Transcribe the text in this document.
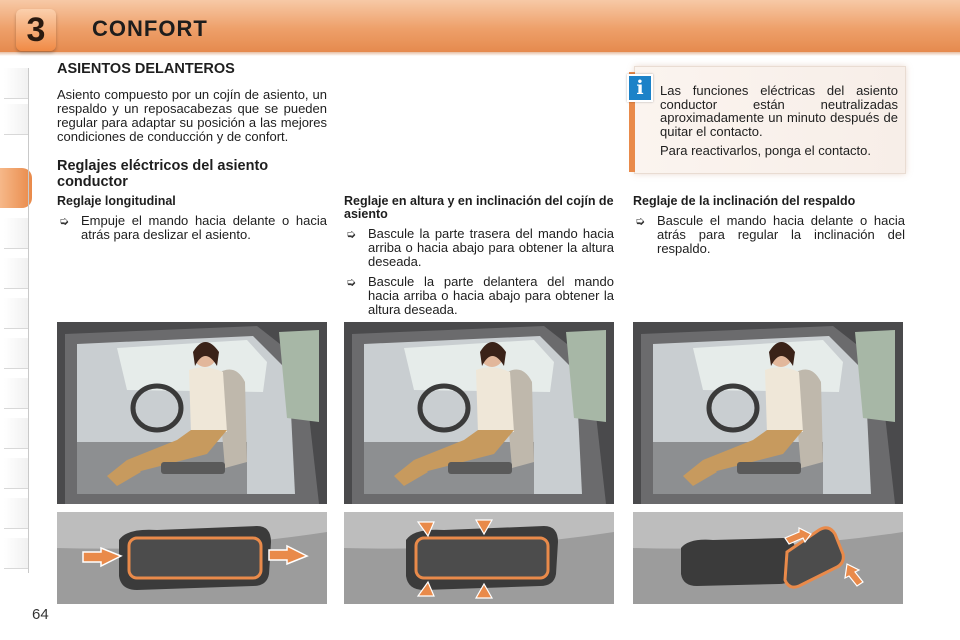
3	CONFORT
ASIENTOS DELANTEROS

Asiento compuesto por un cojín de asiento, un respaldo y un reposacabezas que se pueden regular para adaptar su posición a las mejores condiciones de conducción y de confort.

Reglajes eléctricos del asiento conductor
Reglaje longitudinal
➭ Empuje el mando hacia delante o hacia atrás para deslizar el asiento.
Reglaje en altura y en inclinación del cojín de asiento
➭ Bascule la parte trasera del mando hacia arriba o hacia abajo para obtener la altura deseada.
➭ Bascule la parte delantera del mando hacia arriba o hacia abajo para obtener la altura deseada.
Reglaje de la inclinación del respaldo
➭ Bascule el mando hacia delante o hacia atrás para regular la inclinación del respaldo.
i	Las funciones eléctricas del asiento conductor están neutralizadas aproximadamente un minuto después de quitar el contacto.

Para reactivarlos, ponga el contacto.

64
